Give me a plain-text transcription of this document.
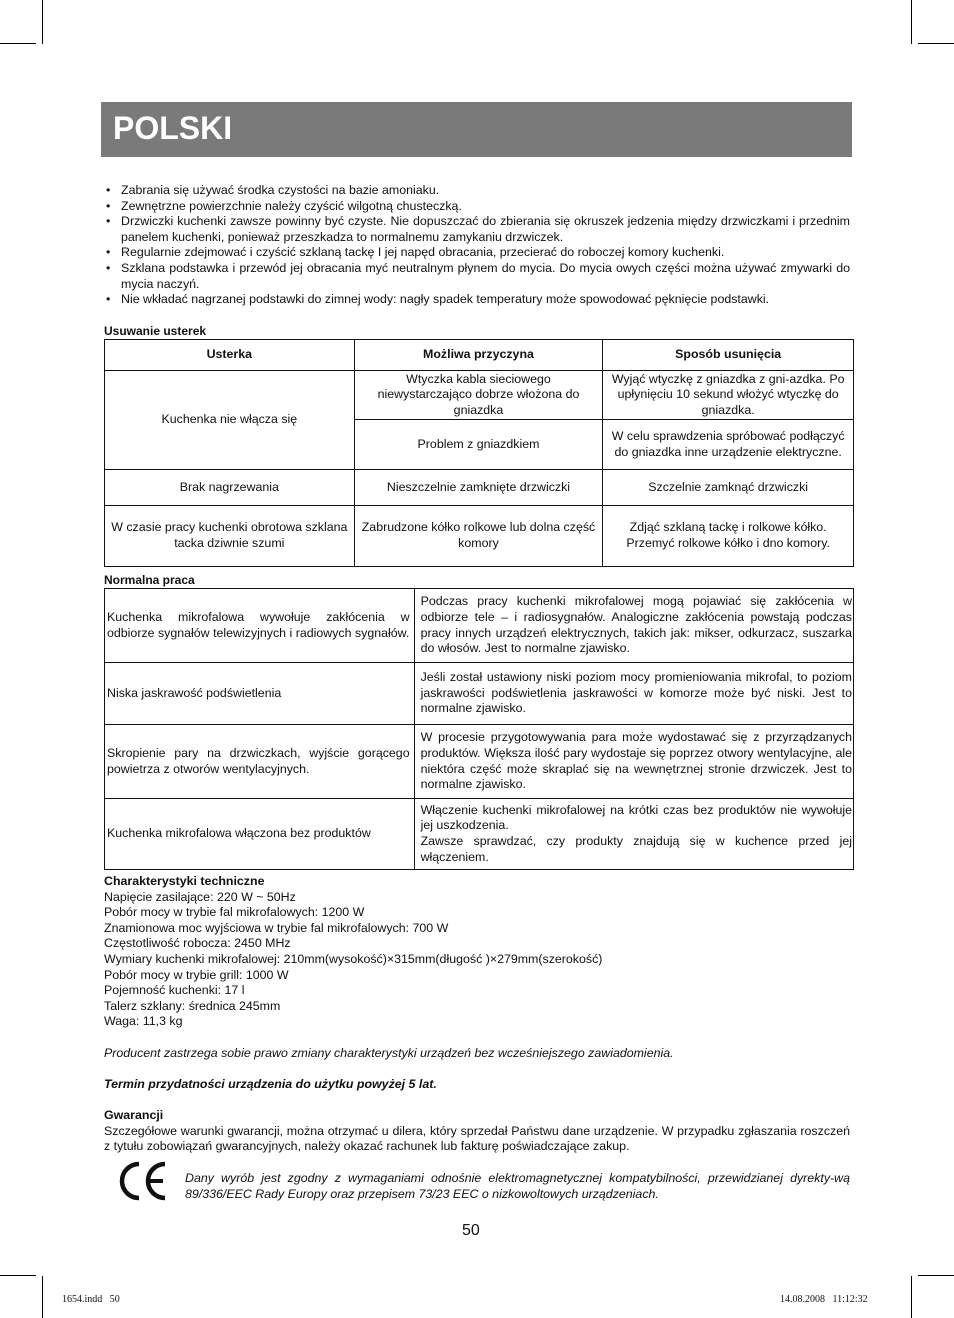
POLSKI
• Zabrania się używać środka czystości na bazie amoniaku.
• Zewnętrzne powierzchnie należy czyścić wilgotną chusteczką.
• Drzwiczki kuchenki zawsze powinny być czyste. Nie dopuszczać do zbierania się okruszek jedzenia między drzwiczkami i przednim panelem kuchenki, ponieważ przeszkadza to normalnemu zamykaniu drzwiczek.
• Regularnie zdejmować i czyścić szklaną tackę I jej napęd obracania, przecierać do roboczej komory kuchenki.
• Szklana podstawka i przewód jej obracania myć neutralnym płynem do mycia. Do mycia owych części można używać zmywarki do mycia naczyń.
• Nie wkładać nagrzanej podstawki do zimnej wody: nagły spadek temperatury może spowodować pęknięcie podstawki.
Usuwanie usterek
Usterka	Możliwa przyczyna	Sposób usunięcia
Kuchenka nie włącza się	Wtyczka kabla sieciowego niewystarczająco dobrze włożona do gniazdka	Wyjąć wtyczkę z gniazdka z gni-azdka. Po upłynięciu 10 sekund włożyć wtyczkę do gniazdka.
	Problem z gniazdkiem	W celu sprawdzenia spróbować podłączyć do gniazdka inne urządzenie elektryczne.
Brak nagrzewania	Nieszczelnie zamknięte drzwiczki	Szczelnie zamknąć drzwiczki
W czasie pracy kuchenki obrotowa szklana tacka dziwnie szumi	Zabrudzone kółko rolkowe lub dolna część komory	Zdjąć szklaną tackę i rolkowe kółko. Przemyć rolkowe kółko i dno komory.
Normalna praca
Kuchenka mikrofalowa wywołuje zakłócenia w odbiorze sygnałów telewizyjnych i radiowych sygnałów.	Podczas pracy kuchenki mikrofalowej mogą pojawiać się zakłócenia w odbiorze tele – i radiosygnałów. Analogiczne zakłócenia powstają podczas pracy innych urządzeń elektrycznych, takich jak: mikser, odkurzacz, suszarka do włosów. Jest to normalne zjawisko.
Niska jaskrawość podświetlenia	Jeśli został ustawiony niski poziom mocy promieniowania mikrofal, to poziom jaskrawości podświetlenia jaskrawości w komorze może być niski. Jest to normalne zjawisko.
Skropienie pary na drzwiczkach, wyjście gorącego powietrza z otworów wentylacyjnych.	W procesie przygotowywania para może wydostawać się z przyrządzanych produktów. Większa ilość pary wydostaje się poprzez otwory wentylacyjne, ale niektóra część może skraplać się na wewnętrznej stronie drzwiczek. Jest to normalne zjawisko.
Kuchenka mikrofalowa włączona bez produktów	Włączenie kuchenki mikrofalowej na krótki czas bez produktów nie wywołuje jej uszkodzenia.
Zawsze sprawdzać, czy produkty znajdują się w kuchence przed jej włączeniem.
Charakterystyki techniczne
Napięcie zasilające: 220 W ~ 50Hz
Pobór mocy w trybie fal mikrofalowych: 1200 W
Znamionowa moc wyjściowa w trybie fal mikrofalowych: 700 W
Częstotliwość robocza: 2450 MHz
Wymiary kuchenki mikrofalowej: 210mm(wysokość)×315mm(długość )×279mm(szerokość)
Pobór mocy w trybie grill: 1000 W
Pojemność kuchenki: 17 l
Talerz szklany: średnica 245mm
Waga: 11,3 kg
Producent zastrzega sobie prawo zmiany charakterystyki urządzeń bez wcześniejszego zawiadomienia.
Termin przydatności urządzenia do użytku powyżej 5 lat.
Gwarancji
Szczegółowe warunki gwarancji, można otrzymać u dilera, który sprzedał Państwu dane urządzenie. W przypadku zgłaszania roszczeń z tytułu zobowiązań gwarancyjnych, należy okazać rachunek lub fakturę poświadczające zakup.
Dany wyrób jest zgodny z wymaganiami odnośnie elektromagnetycznej kompatybilności, przewidzianej dyrekty-wą 89/336/EEC Rady Europy oraz przepisem 73/23 EEC o nizkowoltowych urządzeniach.
50
1654.indd   50	14.08.2008   11:12:32
